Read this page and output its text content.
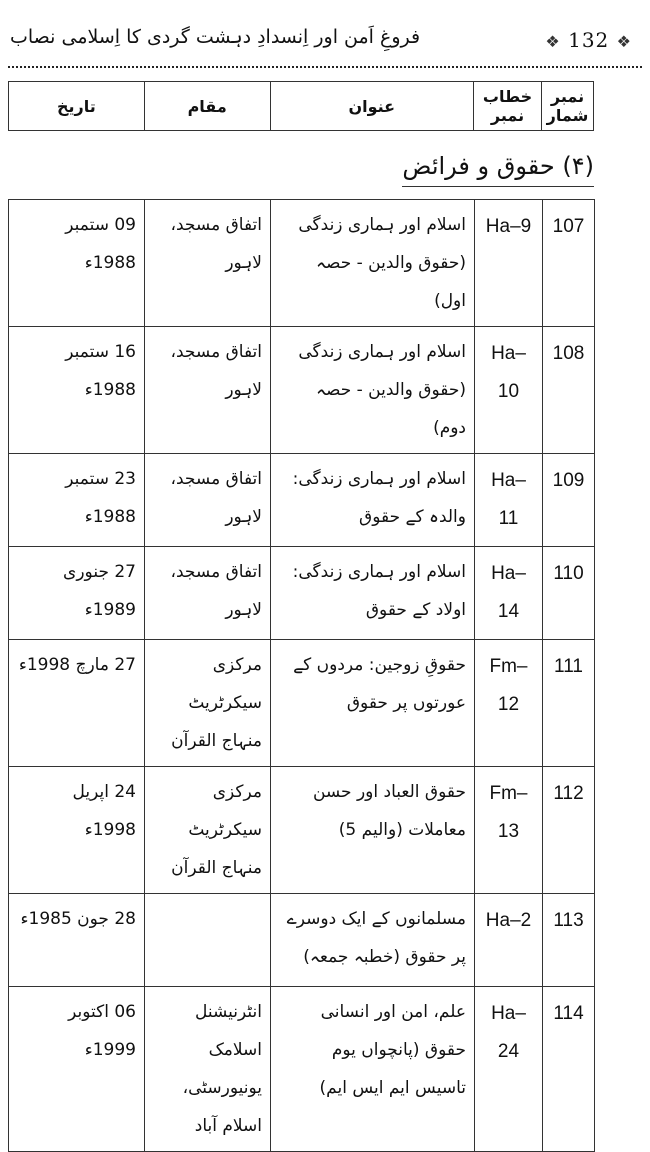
❖ 132 ❖
فروغِ اَمن اور اِنسدادِ دہشت گردی کا اِسلامی نصاب
نمبر شمار	خطاب نمبر	عنوان	مقام	تاریخ
(۴) حقوق و فرائض
107	Ha–9	اسلام اور ہماری زندگی (حقوق والدین - حصہ اول)	اتفاق مسجد، لاہور	09 ستمبر 1988ء
108	Ha–10	اسلام اور ہماری زندگی (حقوق والدین - حصہ دوم)	اتفاق مسجد، لاہور	16 ستمبر 1988ء
109	Ha–11	اسلام اور ہماری زندگی: والدہ کے حقوق	اتفاق مسجد، لاہور	23 ستمبر 1988ء
110	Ha–14	اسلام اور ہماری زندگی: اولاد کے حقوق	اتفاق مسجد، لاہور	27 جنوری 1989ء
111	Fm–12	حقوقِ زوجین: مردوں کے عورتوں پر حقوق	مرکزی سیکرٹریٹ منہاج القرآن	27 مارچ 1998ء
112	Fm–13	حقوق العباد اور حسن معاملات (والیم 5)	مرکزی سیکرٹریٹ منہاج القرآن	24 اپریل 1998ء
113	Ha–2	مسلمانوں کے ایک دوسرے پر حقوق (خطبہ جمعہ)		28 جون 1985ء
114	Ha–24	علم، امن اور انسانی حقوق (پانچواں یوم تاسیس ایم ایس ایم)	انٹرنیشنل اسلامک یونیورسٹی، اسلام آباد	06 اکتوبر 1999ء
